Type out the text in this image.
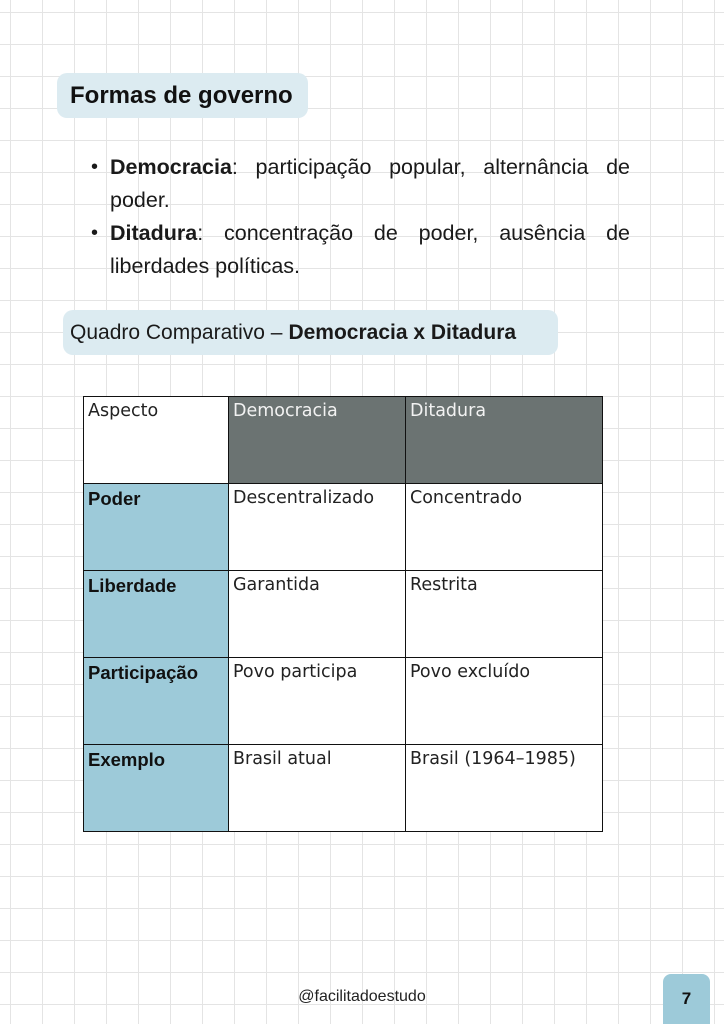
Formas de governo
• Democracia: participação popular, alternância de poder.
• Ditadura: concentração de poder, ausência de liberdades políticas.
Quadro Comparativo – Democracia x Ditadura
Aspecto	Democracia	Ditadura
Poder	Descentralizado	Concentrado
Liberdade	Garantida	Restrita
Participação	Povo participa	Povo excluído
Exemplo	Brasil atual	Brasil (1964–1985)
@facilitadoestudo	7
